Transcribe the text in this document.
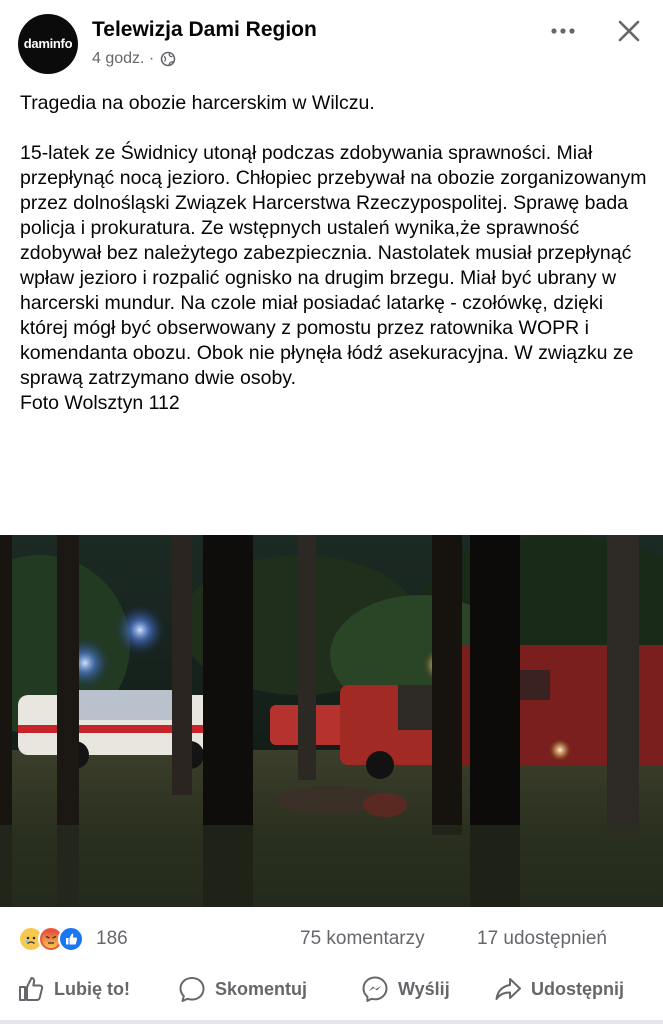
daminfo
Telewizja Dami Region
4 godz. ·
Tragedia na obozie harcerskim w Wilczu.

15-latek ze Świdnicy utonął podczas zdobywania sprawności. Miał przepłynąć nocą jezioro. Chłopiec przebywał na obozie zorganizowanym przez dolnośląski Związek Harcerstwa Rzeczypospolitej. Sprawę bada policja i prokuratura. Ze wstępnych ustaleń wynika,że sprawność zdobywał bez należytego zabezpiecznia. Nastolatek musiał przepłynąć wpław jezioro i rozpalić ognisko na drugim brzegu. Miał być ubrany w harcerski mundur. Na czole miał posiadać latarkę - czołówkę, dzięki której mógł być obserwowany z pomostu przez ratownika WOPR i komendanta obozu. Obok nie płynęła łódź asekuracyjna. W związku ze sprawą zatrzymano dwie osoby.
Foto Wolsztyn 112
186	75 komentarzy	17 udostępnień
Lubię to!	Skomentuj	Wyślij	Udostępnij
